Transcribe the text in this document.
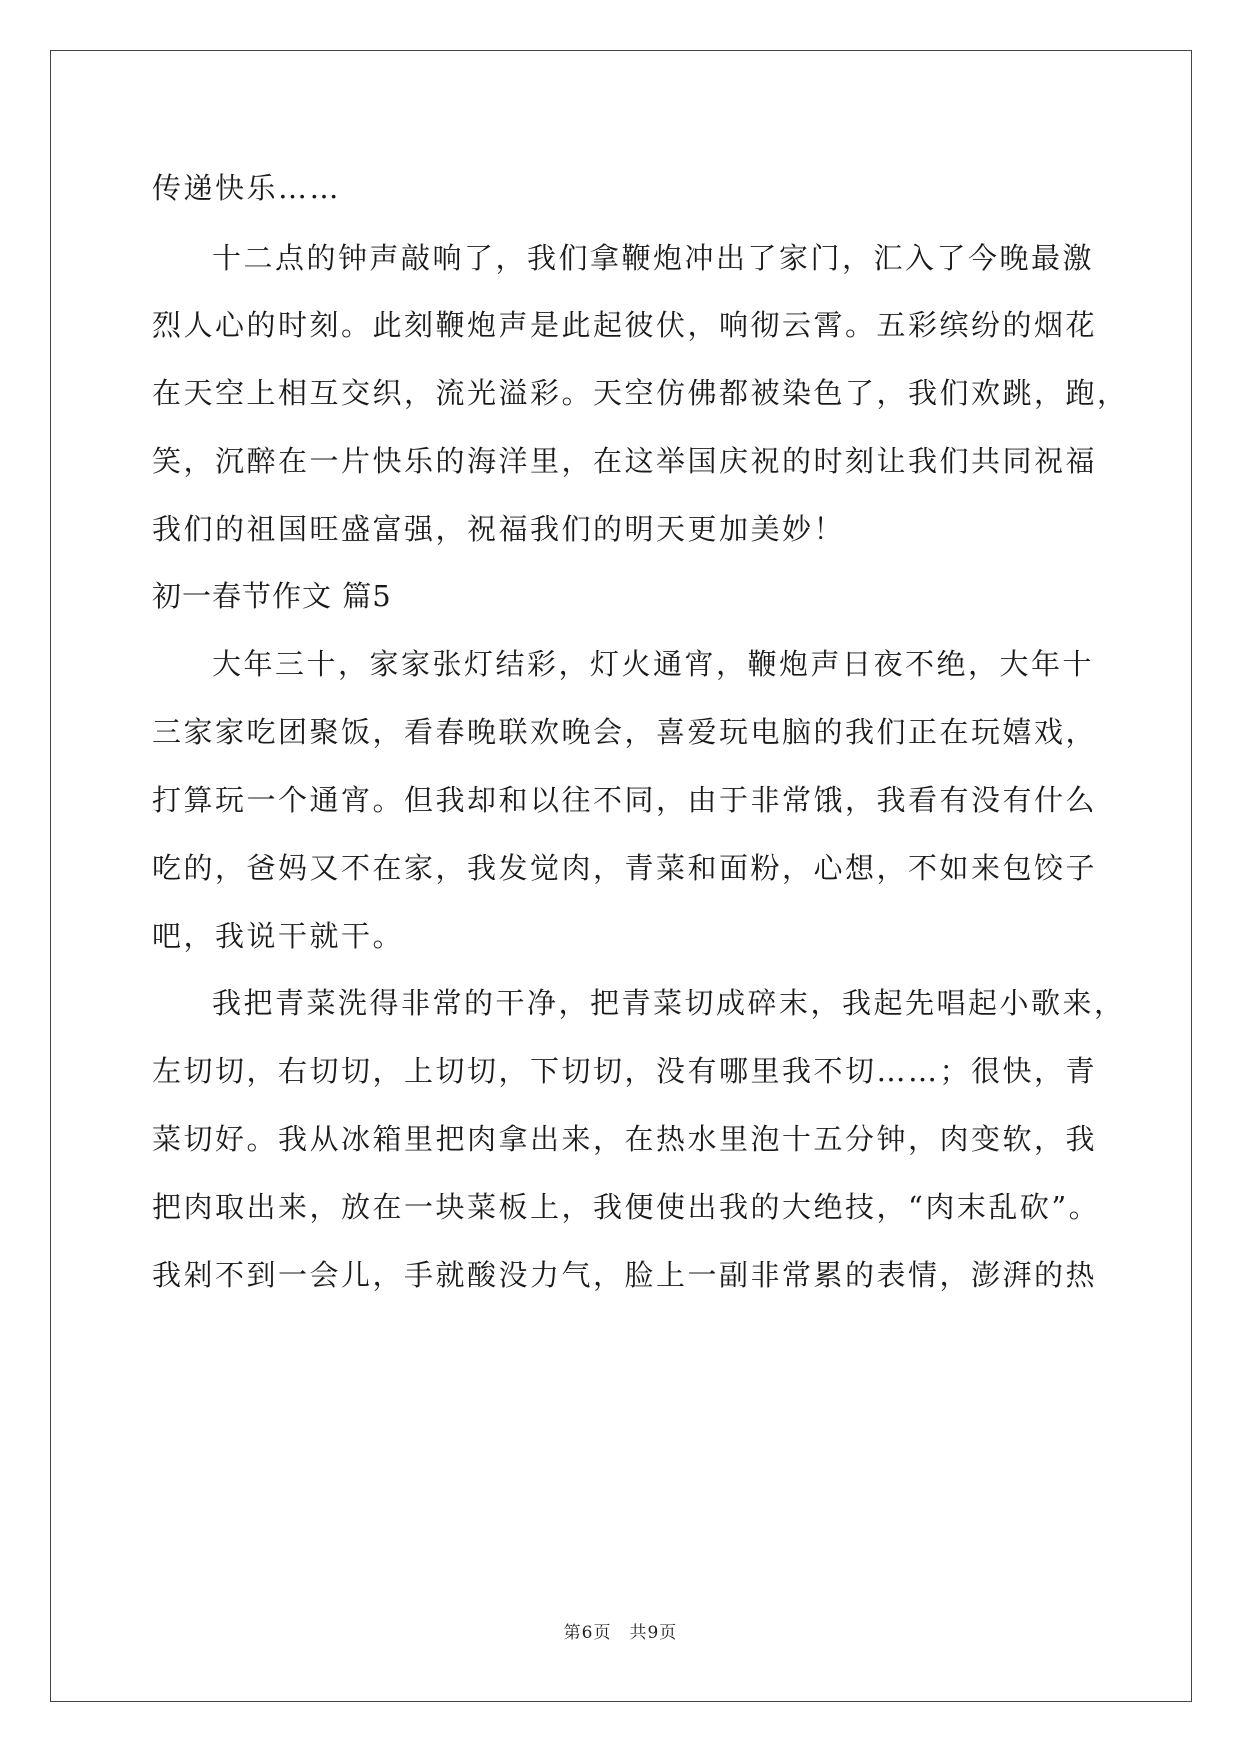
传递快乐……
十二点的钟声敲响了，我们拿鞭炮冲出了家门，汇入了今晚最激
烈人心的时刻。此刻鞭炮声是此起彼伏，响彻云霄。五彩缤纷的烟花
在天空上相互交织，流光溢彩。天空仿佛都被染色了，我们欢跳，跑，
笑，沉醉在一片快乐的海洋里，在这举国庆祝的时刻让我们共同祝福
我们的祖国旺盛富强，祝福我们的明天更加美妙！
初一春节作文 篇5
大年三十，家家张灯结彩，灯火通宵，鞭炮声日夜不绝，大年十
三家家吃团聚饭，看春晚联欢晚会，喜爱玩电脑的我们正在玩嬉戏，
打算玩一个通宵。但我却和以往不同，由于非常饿，我看有没有什么
吃的，爸妈又不在家，我发觉肉，青菜和面粉，心想，不如来包饺子
吧，我说干就干。
我把青菜洗得非常的干净，把青菜切成碎末，我起先唱起小歌来，
左切切，右切切，上切切，下切切，没有哪里我不切……；很快，青
菜切好。我从冰箱里把肉拿出来，在热水里泡十五分钟，肉变软，我
把肉取出来，放在一块菜板上，我便使出我的大绝技，“肉末乱砍”。
我剁不到一会儿，手就酸没力气，脸上一副非常累的表情，澎湃的热
第6页　共9页
